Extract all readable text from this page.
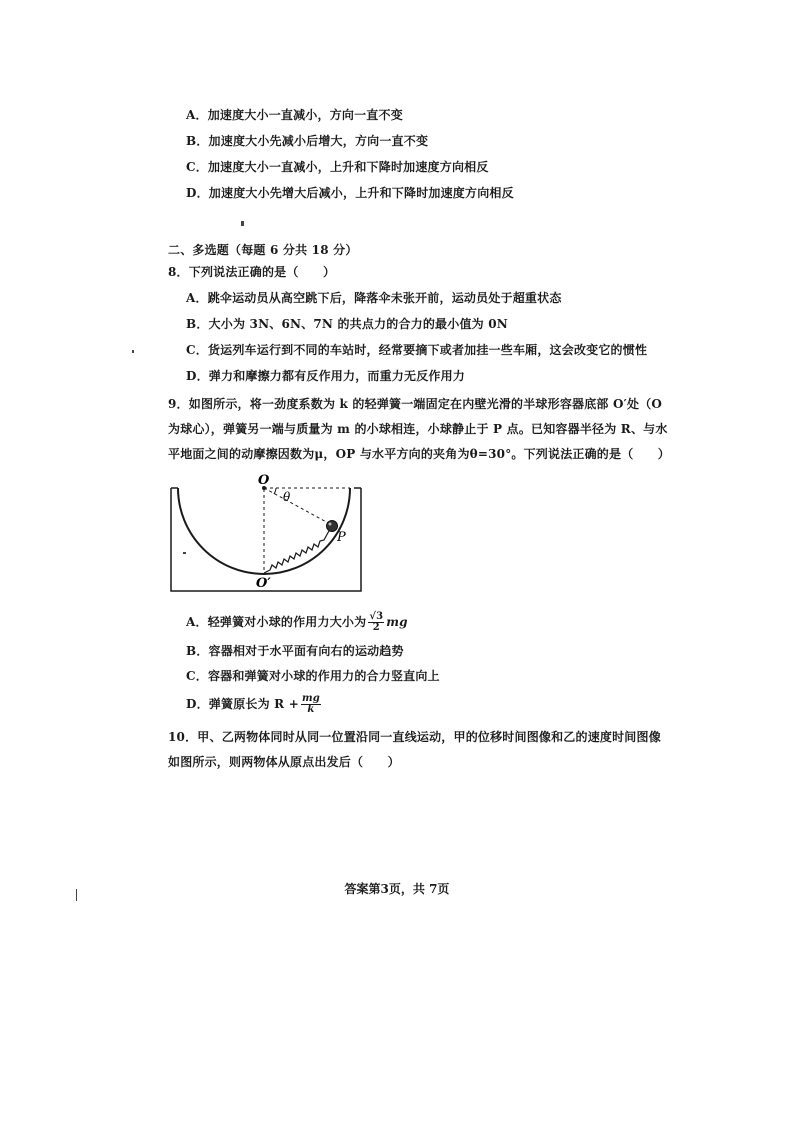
A．加速度大小一直减小，方向一直不变
B．加速度大小先减小后增大，方向一直不变
C．加速度大小一直减小，上升和下降时加速度方向相反
D．加速度大小先增大后减小，上升和下降时加速度方向相反
二、多选题（每题 6 分共 18 分）
8．下列说法正确的是（　　）
A．跳伞运动员从高空跳下后，降落伞未张开前，运动员处于超重状态
B．大小为 3N、6N、7N 的共点力的合力的最小值为 0N
C．货运列车运行到不同的车站时，经常要摘下或者加挂一些车厢，这会改变它的惯性
D．弹力和摩擦力都有反作用力，而重力无反作用力
9．如图所示，将一劲度系数为 k 的轻弹簧一端固定在内壁光滑的半球形容器底部 O′处（O
为球心），弹簧另一端与质量为 m 的小球相连，小球静止于 P 点。已知容器半径为 R、与水
平地面之间的动摩擦因数为μ，OP 与水平方向的夹角为θ=30°。下列说法正确的是（　　）
O
θ
P
O′
A．轻弹簧对小球的作用力大小为 $\frac{√3}{2}$ mg
B．容器相对于水平面有向右的运动趋势
C．容器和弹簧对小球的作用力的合力竖直向上
D．弹簧原长为 $R + \frac{mg}{k}$
10．甲、乙两物体同时从同一位置沿同一直线运动，甲的位移时间图像和乙的速度时间图像
如图所示，则两物体从原点出发后（　　）
答案第3页，共 7页
